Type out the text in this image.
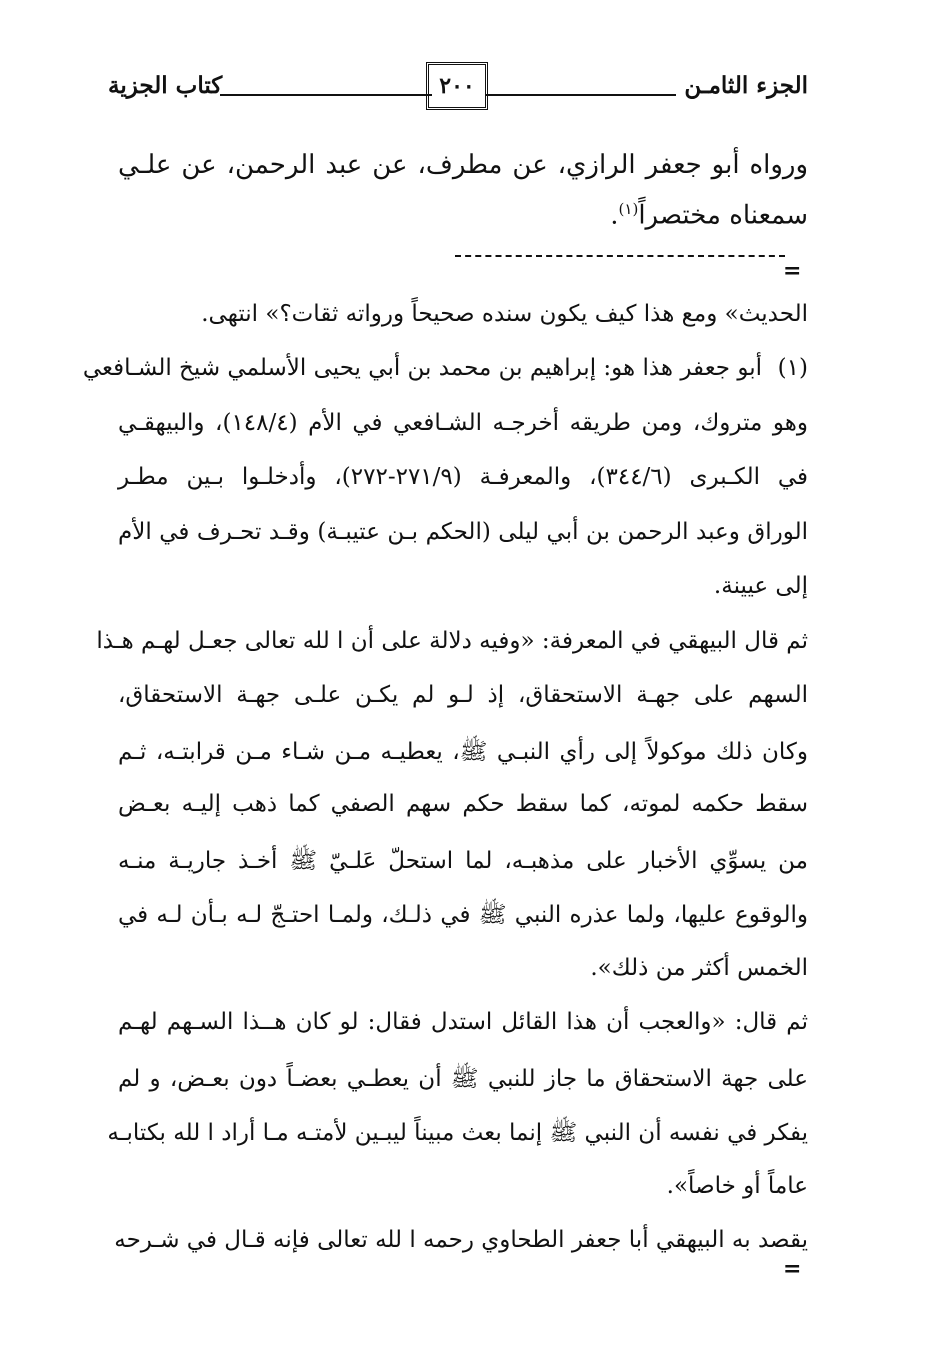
الجزء الثامـن
٢٠٠
كتاب الجزية
ورواه أبو جعفر الرازي، عن مطرف، عن عبد الرحمن، عن علـي
سمعناه مختصراً$^{(١)}$.
=
الحديث» ومع هذا كيف يكون سنده صحيحاً ورواته ثقات؟» انتهى.
(١)
أبو جعفر هذا هو: إبراهيم بن محمد بن أبي يحيى الأسلمي شيخ الشـافعي
وهو متروك، ومن طريقه أخرجـه الشـافعي في الأم (١٤٨/٤)، والبيهقـي
في الكـبرى (٣٤٤/٦)، والمعرفـة (٢٧١/٩-٢٧٢)، وأدخلـوا بـين مطـر
الوراق وعبد الرحمن بن أبي ليلى (الحكم بـن عتيبـة) وقـد تحـرف في الأم
إلى عيينة.
ثم قال البيهقي في المعرفة: «وفيه دلالة على أن ا لله تعالى جعـل لهـم هـذا
السهم على جهـة الاستحقاق، إذ لـو لم يكـن علـى جهـة الاستحقاق،
وكان ذلك موكولاً إلى رأي النبـي ﷺ، يعطيـه مـن شـاء مـن قرابتـه، ثـم
سقط حكمه لموته، كما سقط حكم سهم الصفي كما ذهب إليـه بعـض
من يسوِّي الأخبار على مذهبـه، لما استحلّ عَلـيّ ﷺ أخـذ جاريـة منـه
والوقوع عليها، ولما عذره النبي ﷺ في ذلـك، ولمـا احتـجّ لـه بـأن لـه في
الخمس أكثر من ذلك».
ثم قال: «والعجب أن هذا القائل استدل فقال: لو كان هــذا السـهم لهـم
على جهة الاستحقاق ما جاز للنبي ﷺ أن يعطـي بعضـاً دون بعـض، و لم
يفكر في نفسه أن النبي ﷺ إنما بعث مبيناً ليبـين لأمتـه مـا أراد ا لله بكتابـه
عاماً أو خاصاً».
يقصد به البيهقي أبا جعفر الطحاوي رحمه ا لله تعالى فإنه قـال في شـرحه
=
